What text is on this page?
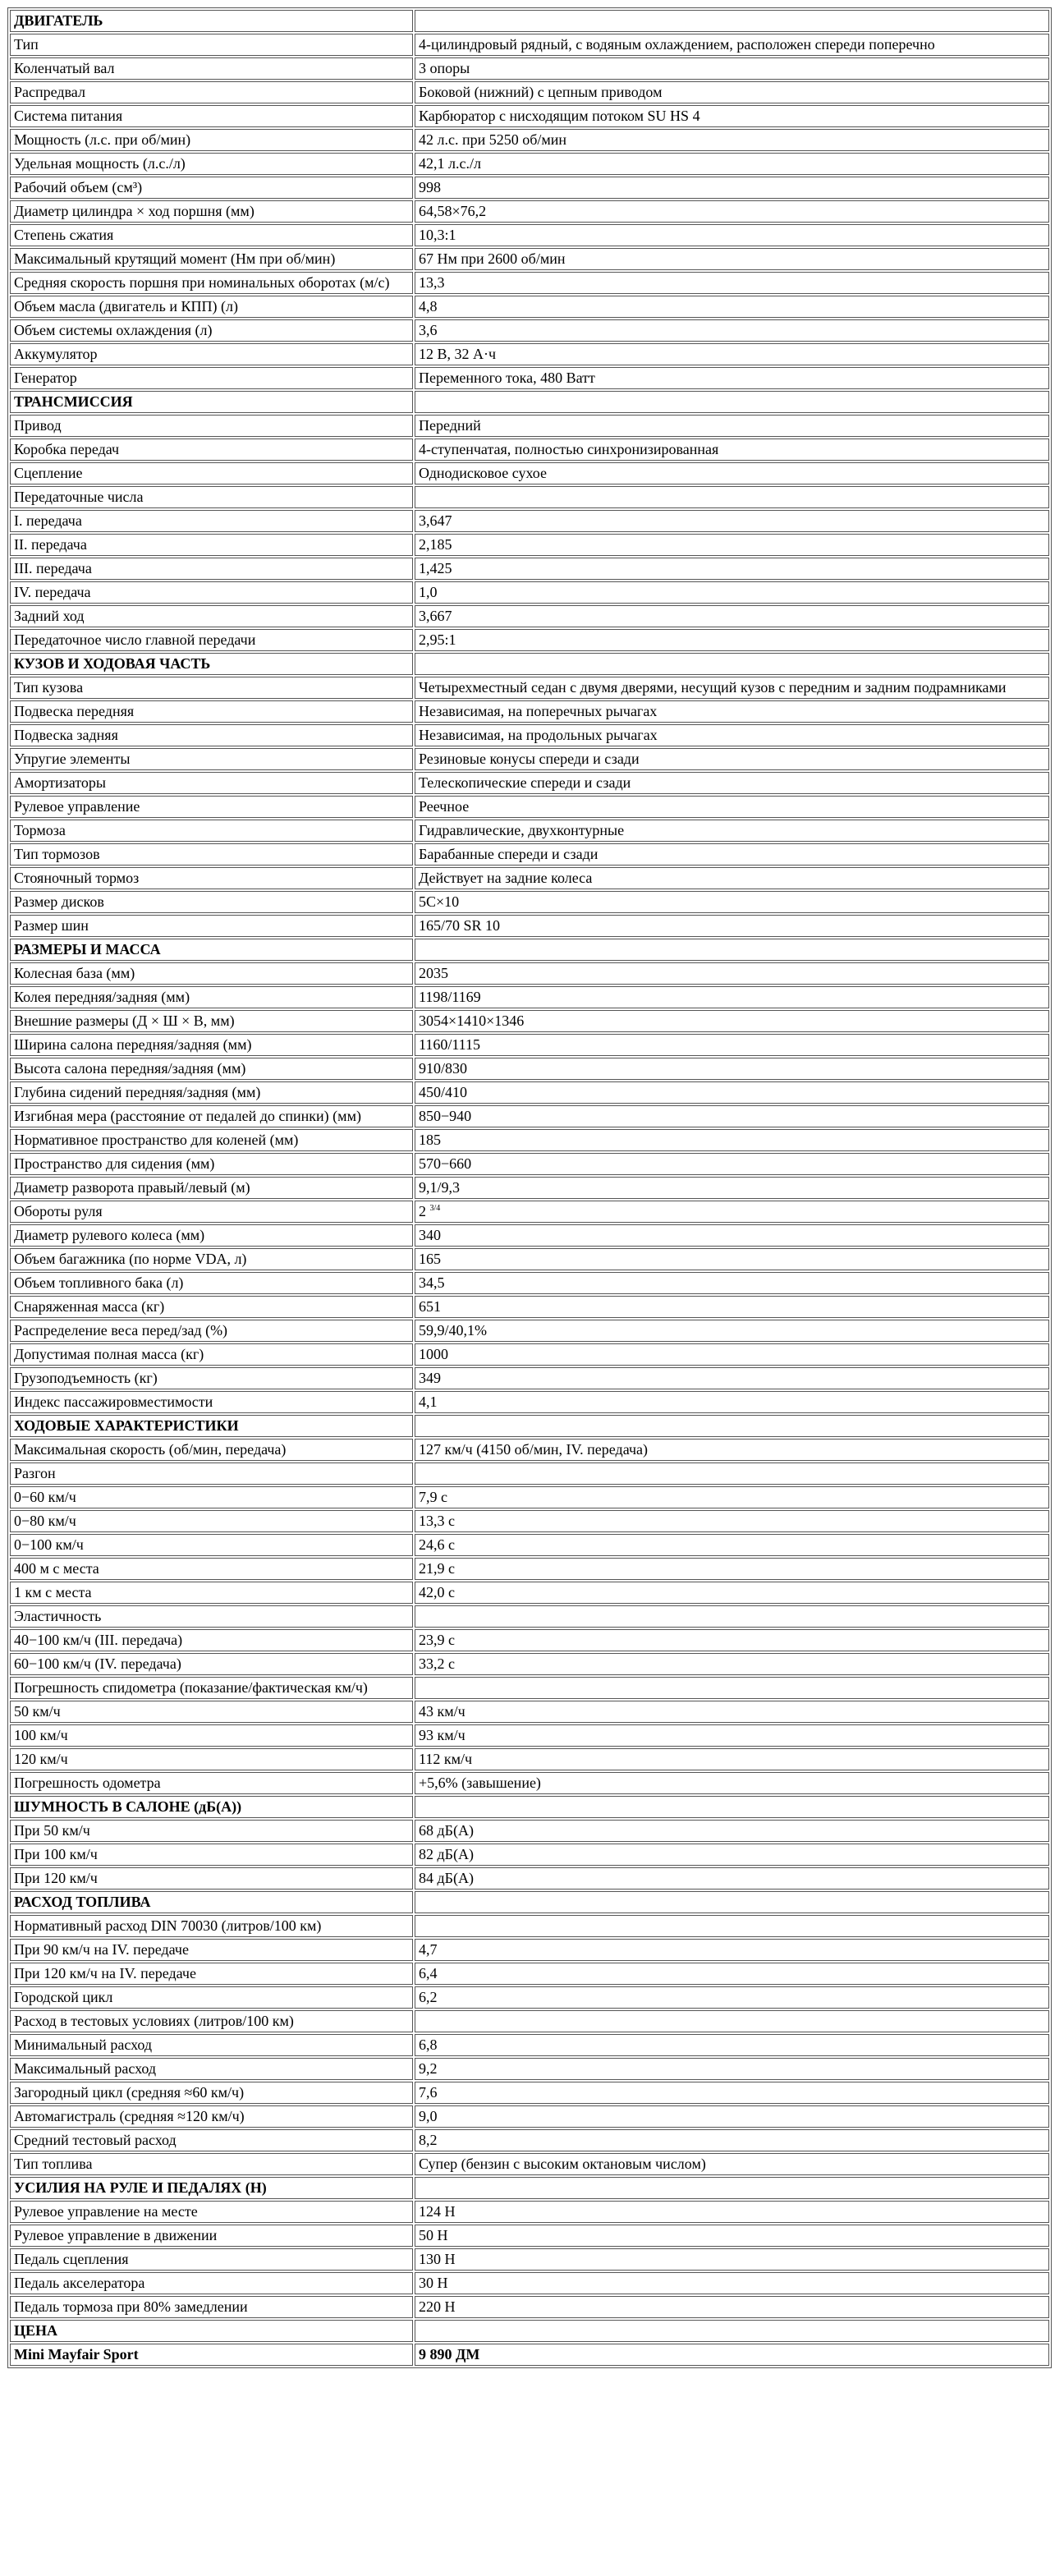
ДВИГАТЕЛЬ	
Тип	4-цилиндровый рядный, с водяным охлаждением, расположен спереди поперечно
Коленчатый вал	3 опоры
Распредвал	Боковой (нижний) с цепным приводом
Система питания	Карбюратор с нисходящим потоком SU HS 4
Мощность (л.с. при об/мин)	42 л.с. при 5250 об/мин
Удельная мощность (л.с./л)	42,1 л.с./л
Рабочий объем (см³)	998
Диаметр цилиндра × ход поршня (мм)	64,58×76,2
Степень сжатия	10,3:1
Максимальный крутящий момент (Нм при об/мин)	67 Нм при 2600 об/мин
Средняя скорость поршня при номинальных оборотах (м/с)	13,3
Объем масла (двигатель и КПП) (л)	4,8
Объем системы охлаждения (л)	3,6
Аккумулятор	12 В, 32 А·ч
Генератор	Переменного тока, 480 Ватт
ТРАНСМИССИЯ	
Привод	Передний
Коробка передач	4-ступенчатая, полностью синхронизированная
Сцепление	Однодисковое сухое
Передаточные числа	
I. передача	3,647
II. передача	2,185
III. передача	1,425
IV. передача	1,0
Задний ход	3,667
Передаточное число главной передачи	2,95:1
КУЗОВ И ХОДОВАЯ ЧАСТЬ	
Тип кузова	Четырехместный седан с двумя дверями, несущий кузов с передним и задним подрамниками
Подвеска передняя	Независимая, на поперечных рычагах
Подвеска задняя	Независимая, на продольных рычагах
Упругие элементы	Резиновые конусы спереди и сзади
Амортизаторы	Телескопические спереди и сзади
Рулевое управление	Реечное
Тормоза	Гидравлические, двухконтурные
Тип тормозов	Барабанные спереди и сзади
Стояночный тормоз	Действует на задние колеса
Размер дисков	5C×10
Размер шин	165/70 SR 10
РАЗМЕРЫ И МАССА	
Колесная база (мм)	2035
Колея передняя/задняя (мм)	1198/1169
Внешние размеры (Д × Ш × В, мм)	3054×1410×1346
Ширина салона передняя/задняя (мм)	1160/1115
Высота салона передняя/задняя (мм)	910/830
Глубина сидений передняя/задняя (мм)	450/410
Изгибная мера (расстояние от педалей до спинки) (мм)	850−940
Нормативное пространство для коленей (мм)	185
Пространство для сидения (мм)	570−660
Диаметр разворота правый/левый (м)	9,1/9,3
Обороты руля	2 $^{3/4}$
Диаметр рулевого колеса (мм)	340
Объем багажника (по норме VDA, л)	165
Объем топливного бака (л)	34,5
Снаряженная масса (кг)	651
Распределение веса перед/зад (%)	59,9/40,1%
Допустимая полная масса (кг)	1000
Грузоподъемность (кг)	349
Индекс пассажировместимости	4,1
ХОДОВЫЕ ХАРАКТЕРИСТИКИ	
Максимальная скорость (об/мин, передача)	127 км/ч (4150 об/мин, IV. передача)
Разгон	
0−60 км/ч	7,9 с
0−80 км/ч	13,3 с
0−100 км/ч	24,6 с
400 м с места	21,9 с
1 км с места	42,0 с
Эластичность	
40−100 км/ч (III. передача)	23,9 с
60−100 км/ч (IV. передача)	33,2 с
Погрешность спидометра (показание/фактическая км/ч)	
50 км/ч	43 км/ч
100 км/ч	93 км/ч
120 км/ч	112 км/ч
Погрешность одометра	+5,6% (завышение)
ШУМНОСТЬ В САЛОНЕ (дБ(А))	
При 50 км/ч	68 дБ(А)
При 100 км/ч	82 дБ(А)
При 120 км/ч	84 дБ(А)
РАСХОД ТОПЛИВА	
Нормативный расход DIN 70030 (литров/100 км)	
При 90 км/ч на IV. передаче	4,7
При 120 км/ч на IV. передаче	6,4
Городской цикл	6,2
Расход в тестовых условиях (литров/100 км)	
Минимальный расход	6,8
Максимальный расход	9,2
Загородный цикл (средняя ≈60 км/ч)	7,6
Автомагистраль (средняя ≈120 км/ч)	9,0
Средний тестовый расход	8,2
Тип топлива	Супер (бензин с высоким октановым числом)
УСИЛИЯ НА РУЛЕ И ПЕДАЛЯХ (Н)	
Рулевое управление на месте	124 Н
Рулевое управление в движении	50 Н
Педаль сцепления	130 Н
Педаль акселератора	30 Н
Педаль тормоза при 80% замедлении	220 Н
ЦЕНА	
Mini Mayfair Sport	9 890 ДМ
